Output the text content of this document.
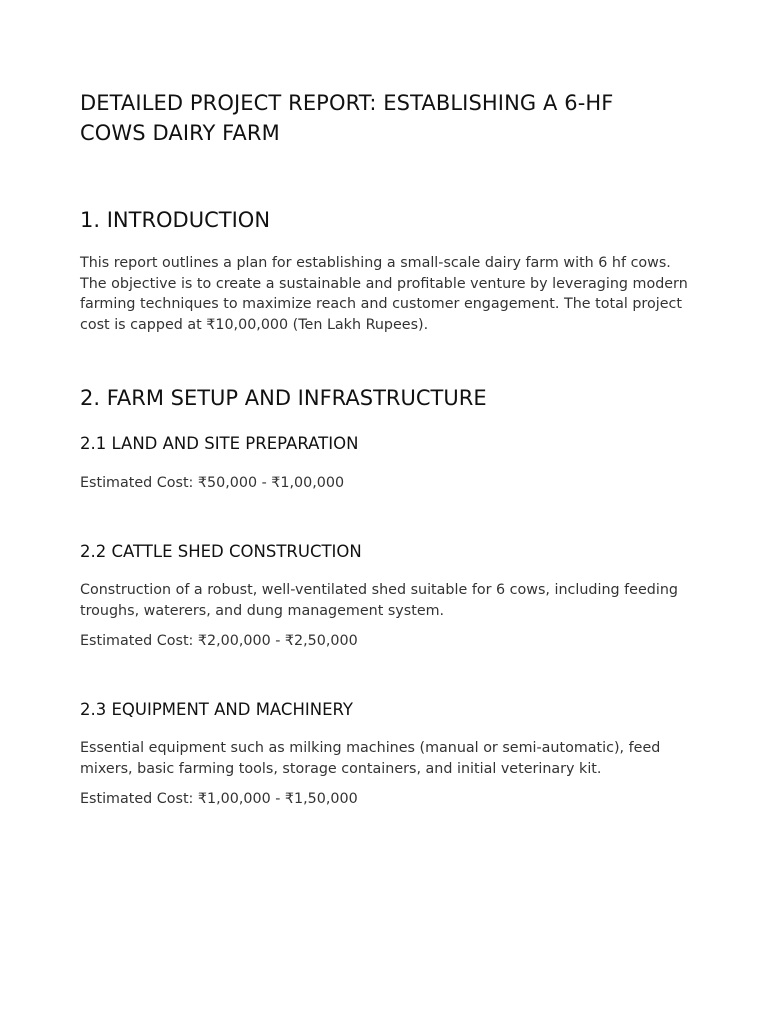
DETAILED PROJECT REPORT: ESTABLISHING A 6-HF COWS DAIRY FARM
1. INTRODUCTION

This report outlines a plan for establishing a small-scale dairy farm with 6 hf cows. The objective is to create a sustainable and profitable venture by leveraging modern farming techniques to maximize reach and customer engagement. The total project cost is capped at ₹10,00,000 (Ten Lakh Rupees).

2. FARM SETUP AND INFRASTRUCTURE
2.1 LAND AND SITE PREPARATION

Estimated Cost: ₹50,000 - ₹1,00,000

2.2 CATTLE SHED CONSTRUCTION

Construction of a robust, well-ventilated shed suitable for 6 cows, including feeding troughs, waterers, and dung management system.

Estimated Cost: ₹2,00,000 - ₹2,50,000

2.3 EQUIPMENT AND MACHINERY

Essential equipment such as milking machines (manual or semi-automatic), feed mixers, basic farming tools, storage containers, and initial veterinary kit.

Estimated Cost: ₹1,00,000 - ₹1,50,000
